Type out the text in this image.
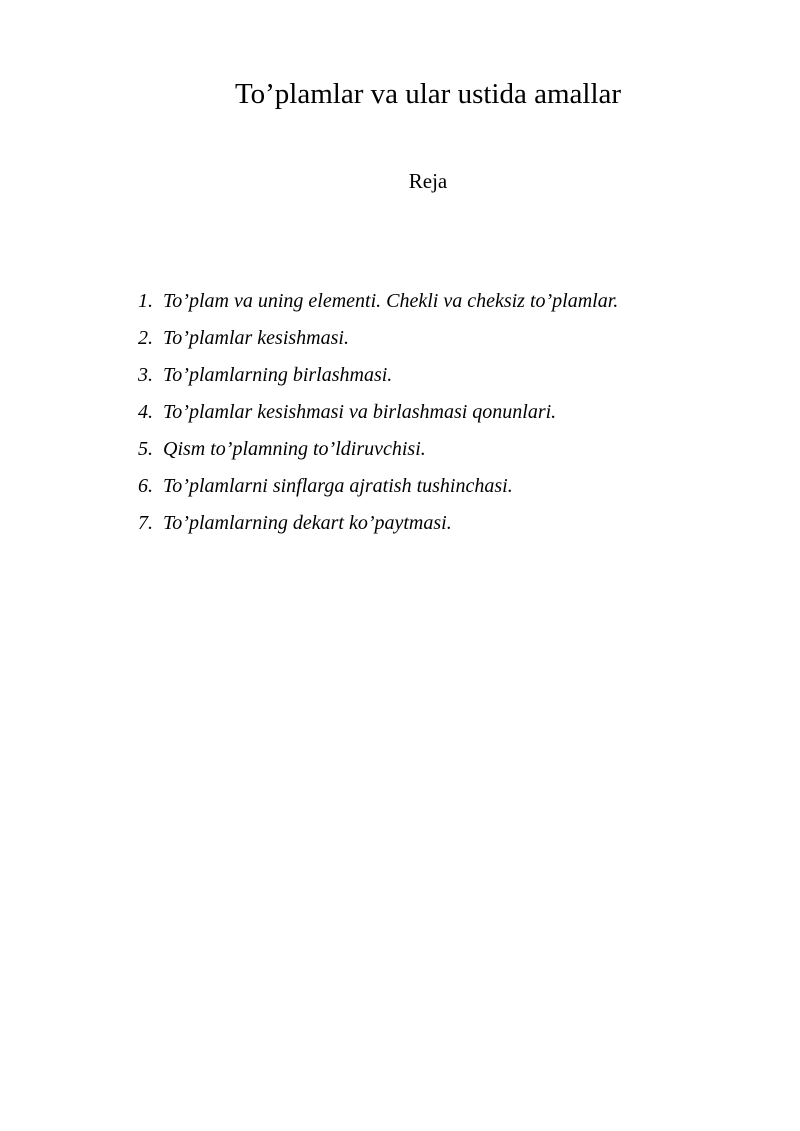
To’plamlar va ular ustida amallar
Reja
1. To’plam va uning elementi. Chekli va cheksiz to’plamlar.
2. To’plamlar kesishmasi.
3. To’plamlarning birlashmasi.
4. To’plamlar kesishmasi va birlashmasi qonunlari.
5. Qism to’plamning to’ldiruvchisi.
6. To’plamlarni sinflarga ajratish tushinchasi.
7. To’plamlarning dekart ko’paytmasi.
